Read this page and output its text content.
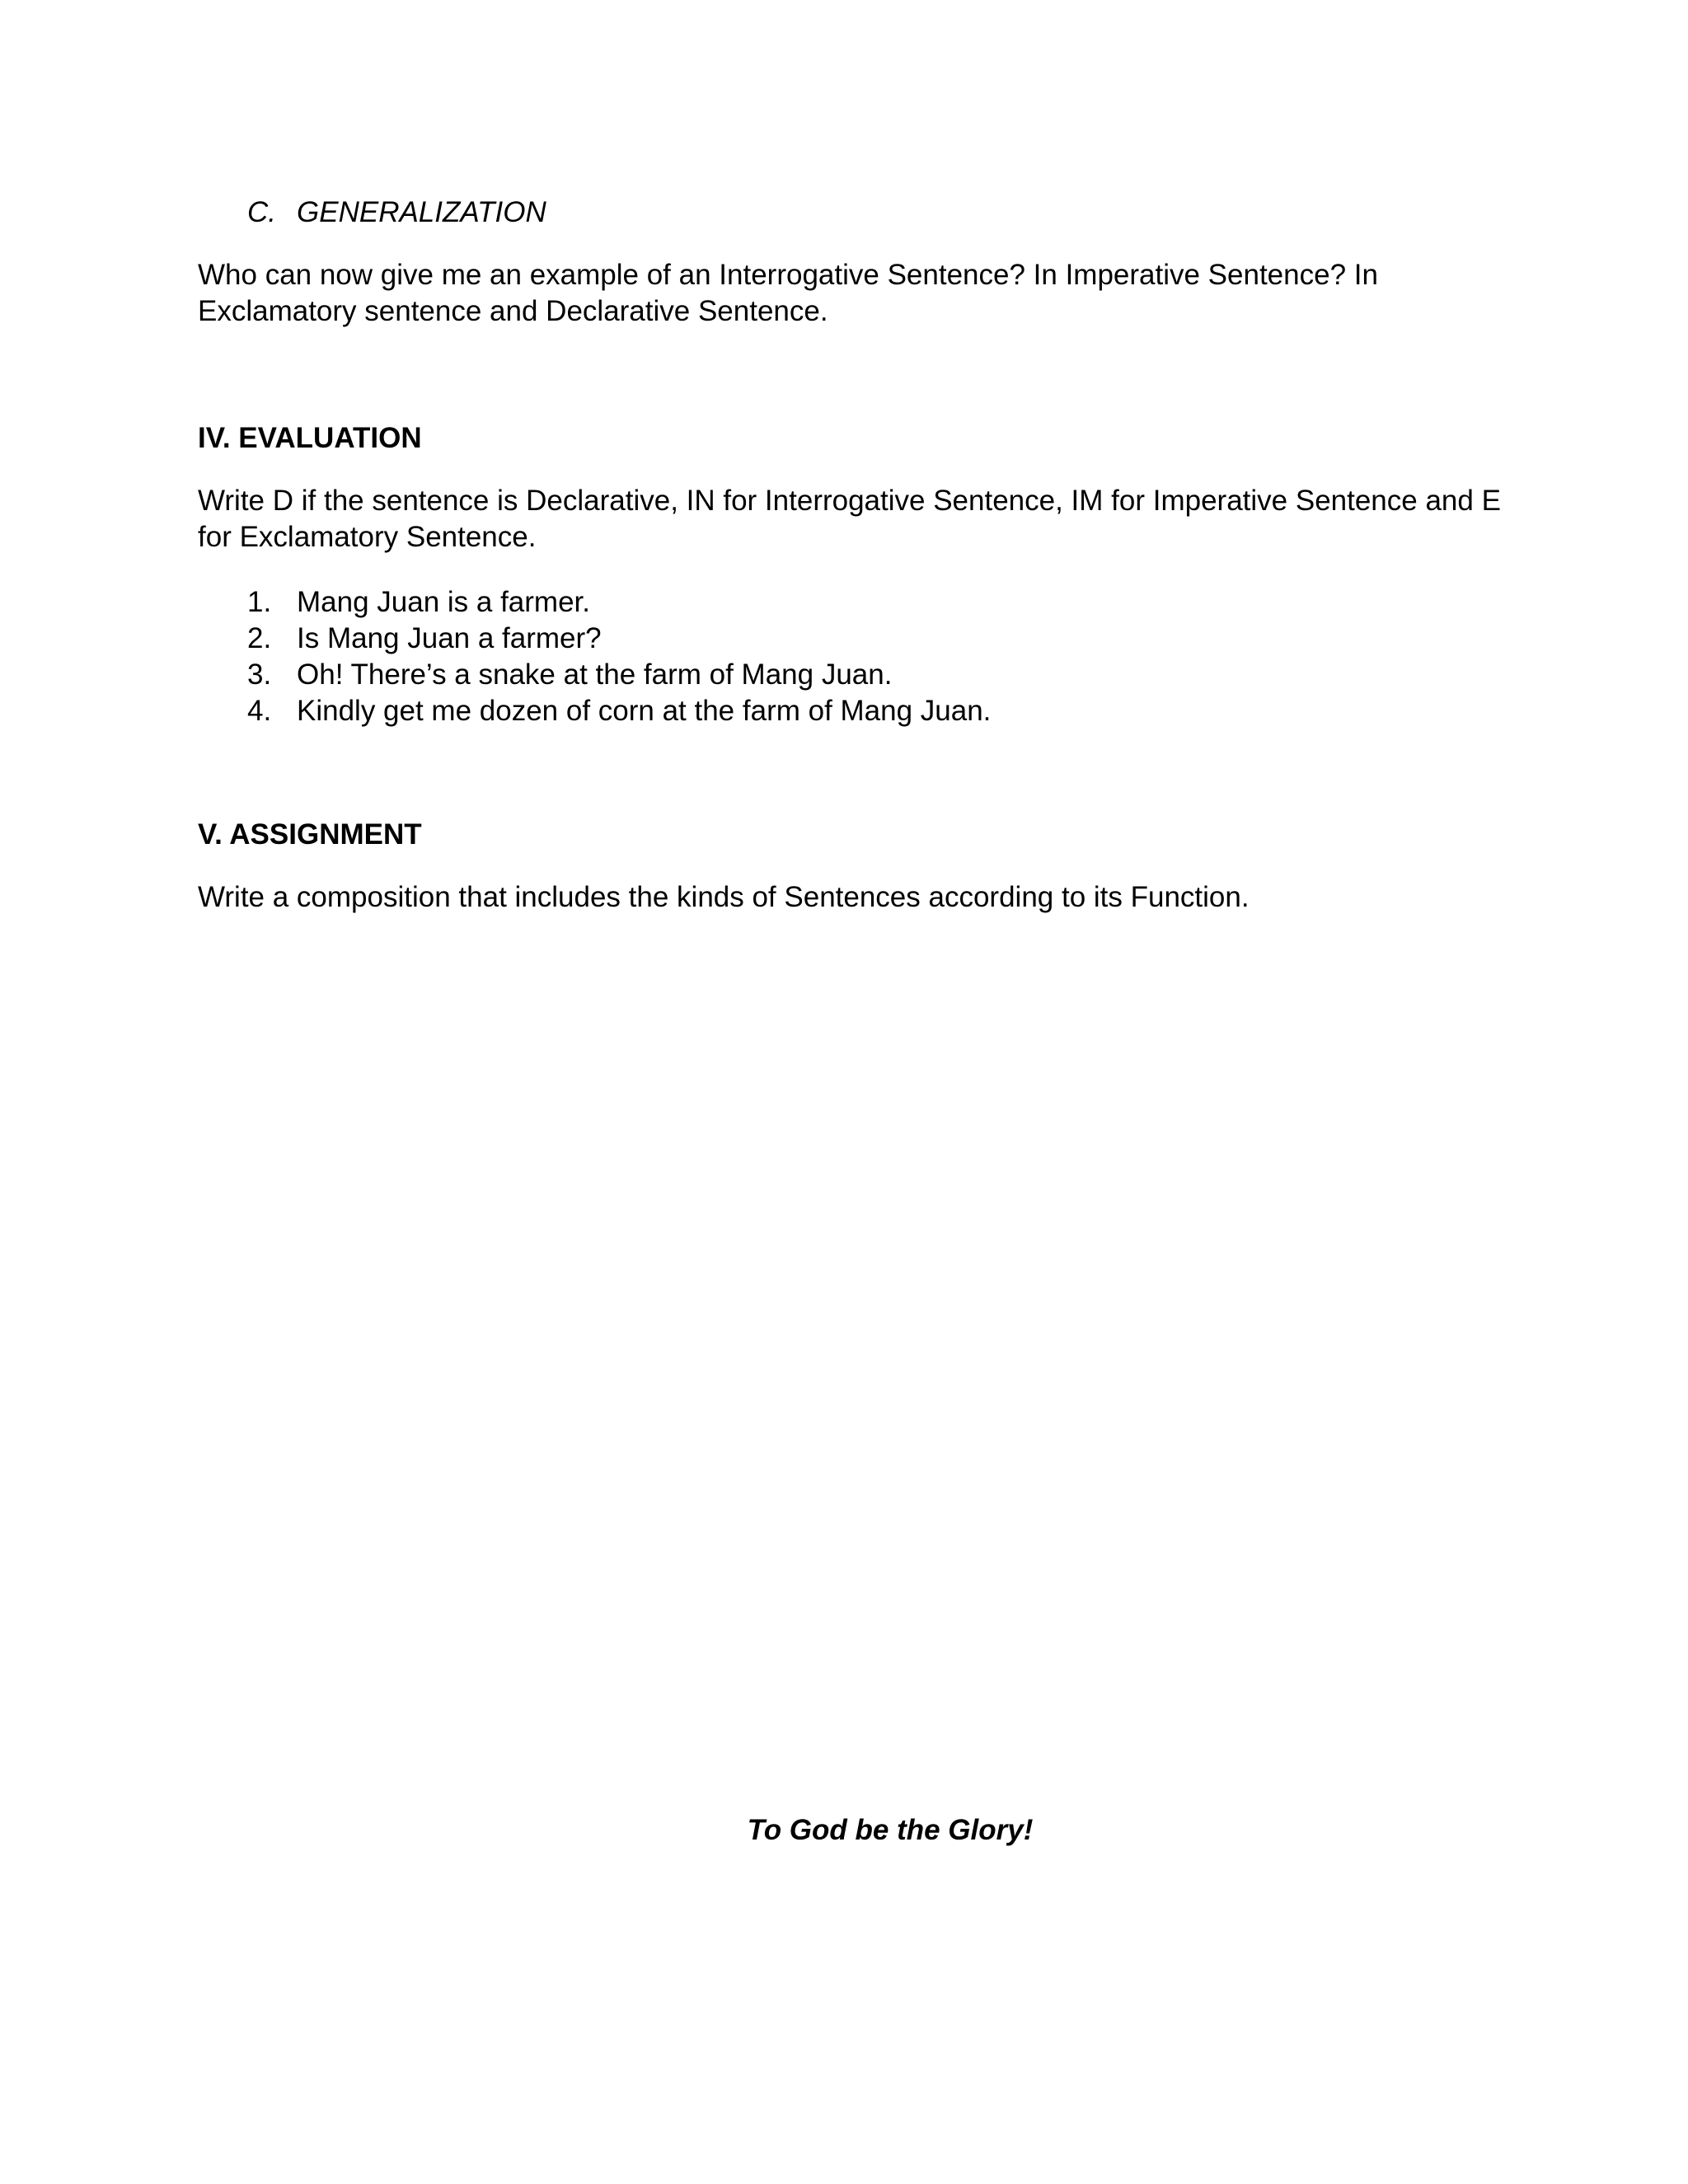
C. GENERALIZATION

Who can now give me an example of an Interrogative Sentence? In Imperative Sentence? In Exclamatory sentence and Declarative Sentence.

IV. EVALUATION

Write D if the sentence is Declarative, IN for Interrogative Sentence, IM for Imperative Sentence and E for Exclamatory Sentence.

1. Mang Juan is a farmer.
2. Is Mang Juan a farmer?
3. Oh! There’s a snake at the farm of Mang Juan.
4. Kindly get me dozen of corn at the farm of Mang Juan.

V. ASSIGNMENT

Write a composition that includes the kinds of Sentences according to its Function.

To God be the Glory!
